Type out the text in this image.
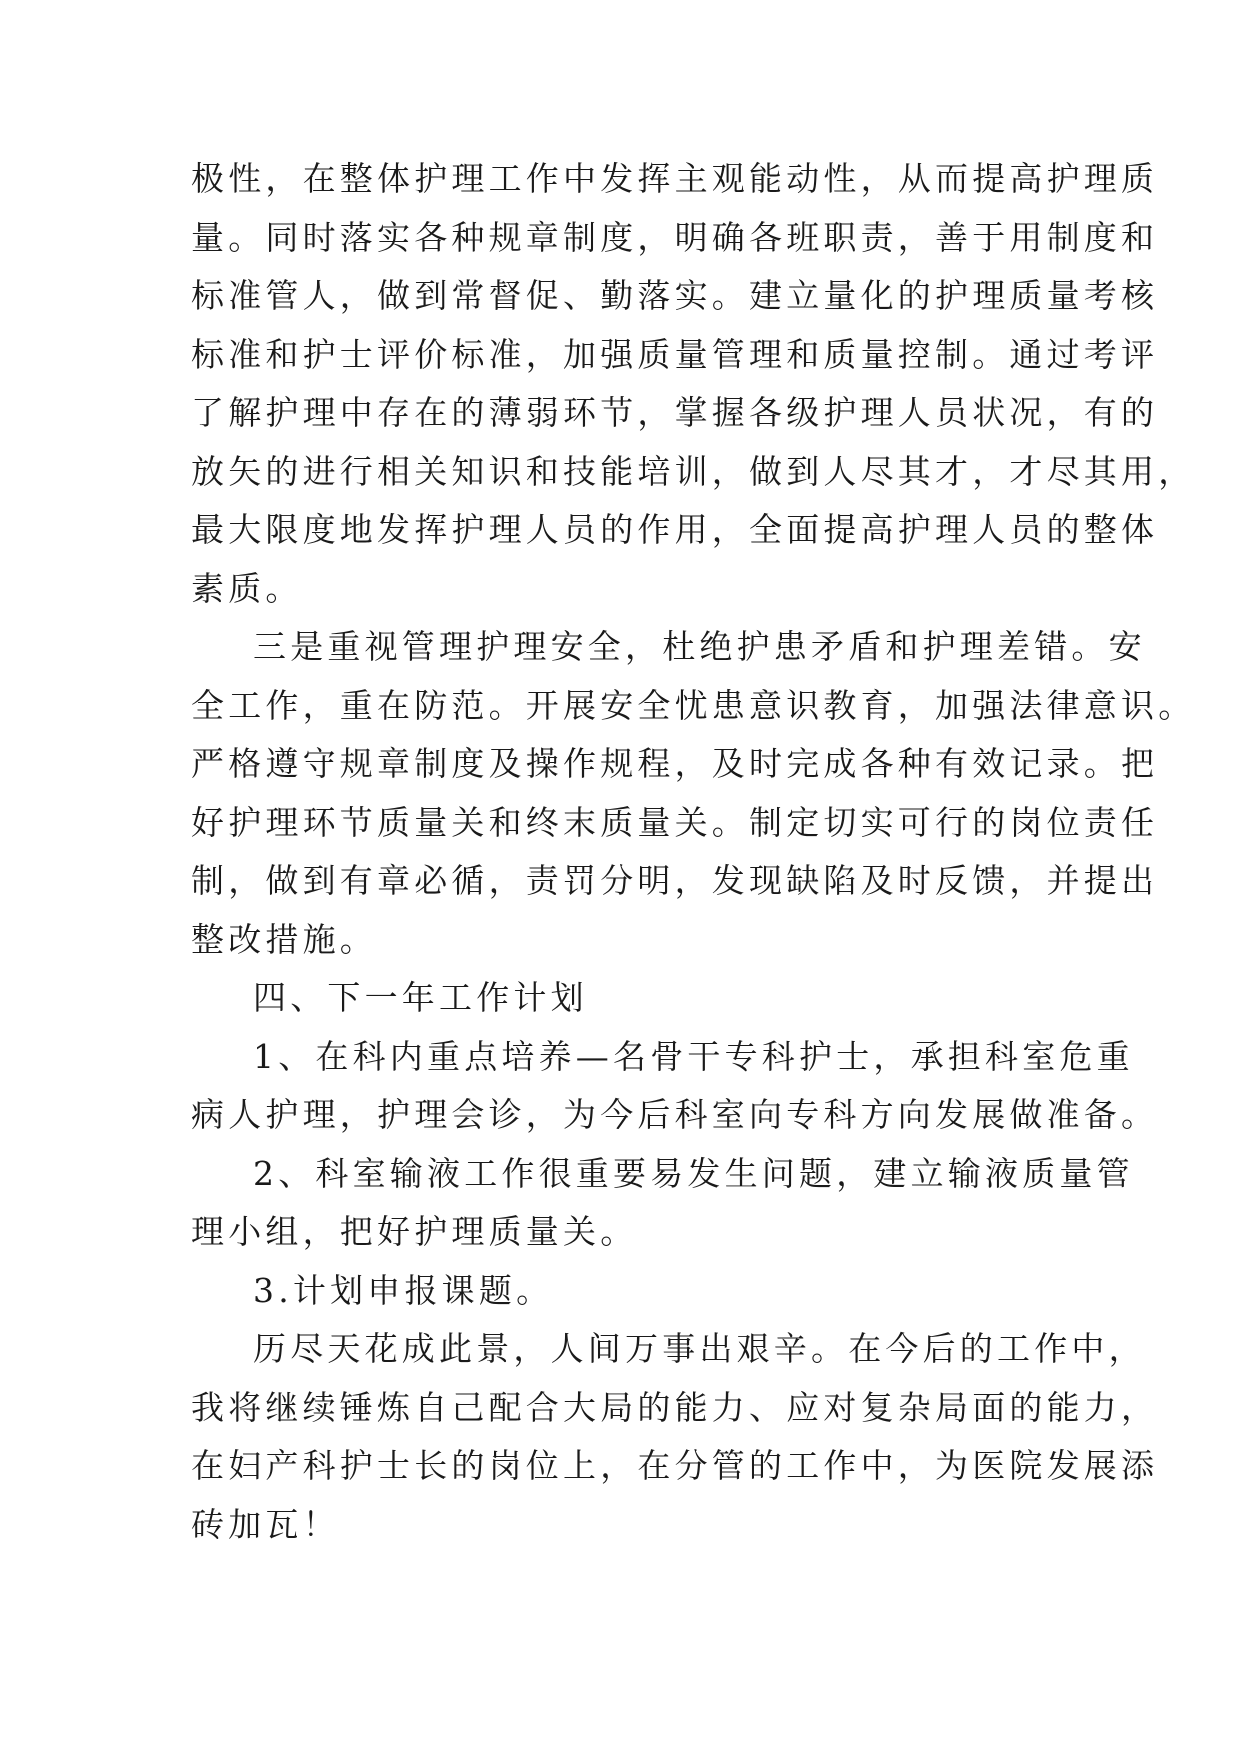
极性，在整体护理工作中发挥主观能动性，从而提高护理质
量。同时落实各种规章制度，明确各班职责，善于用制度和
标准管人，做到常督促、勤落实。建立量化的护理质量考核
标准和护士评价标准，加强质量管理和质量控制。通过考评
了解护理中存在的薄弱环节，掌握各级护理人员状况，有的
放矢的进行相关知识和技能培训，做到人尽其才，才尽其用，
最大限度地发挥护理人员的作用，全面提高护理人员的整体
素质。
三是重视管理护理安全，杜绝护患矛盾和护理差错。安
全工作，重在防范。开展安全忧患意识教育，加强法律意识。
严格遵守规章制度及操作规程，及时完成各种有效记录。把
好护理环节质量关和终末质量关。制定切实可行的岗位责任
制，做到有章必循，责罚分明，发现缺陷及时反馈，并提出
整改措施。
四、下一年工作计划
1、在科内重点培养—名骨干专科护士，承担科室危重
病人护理，护理会诊，为今后科室向专科方向发展做准备。
2、科室输液工作很重要易发生问题，建立输液质量管
理小组，把好护理质量关。
3.计划申报课题。
历尽天花成此景，人间万事出艰辛。在今后的工作中，
我将继续锤炼自己配合大局的能力、应对复杂局面的能力，
在妇产科护士长的岗位上，在分管的工作中，为医院发展添
砖加瓦！
